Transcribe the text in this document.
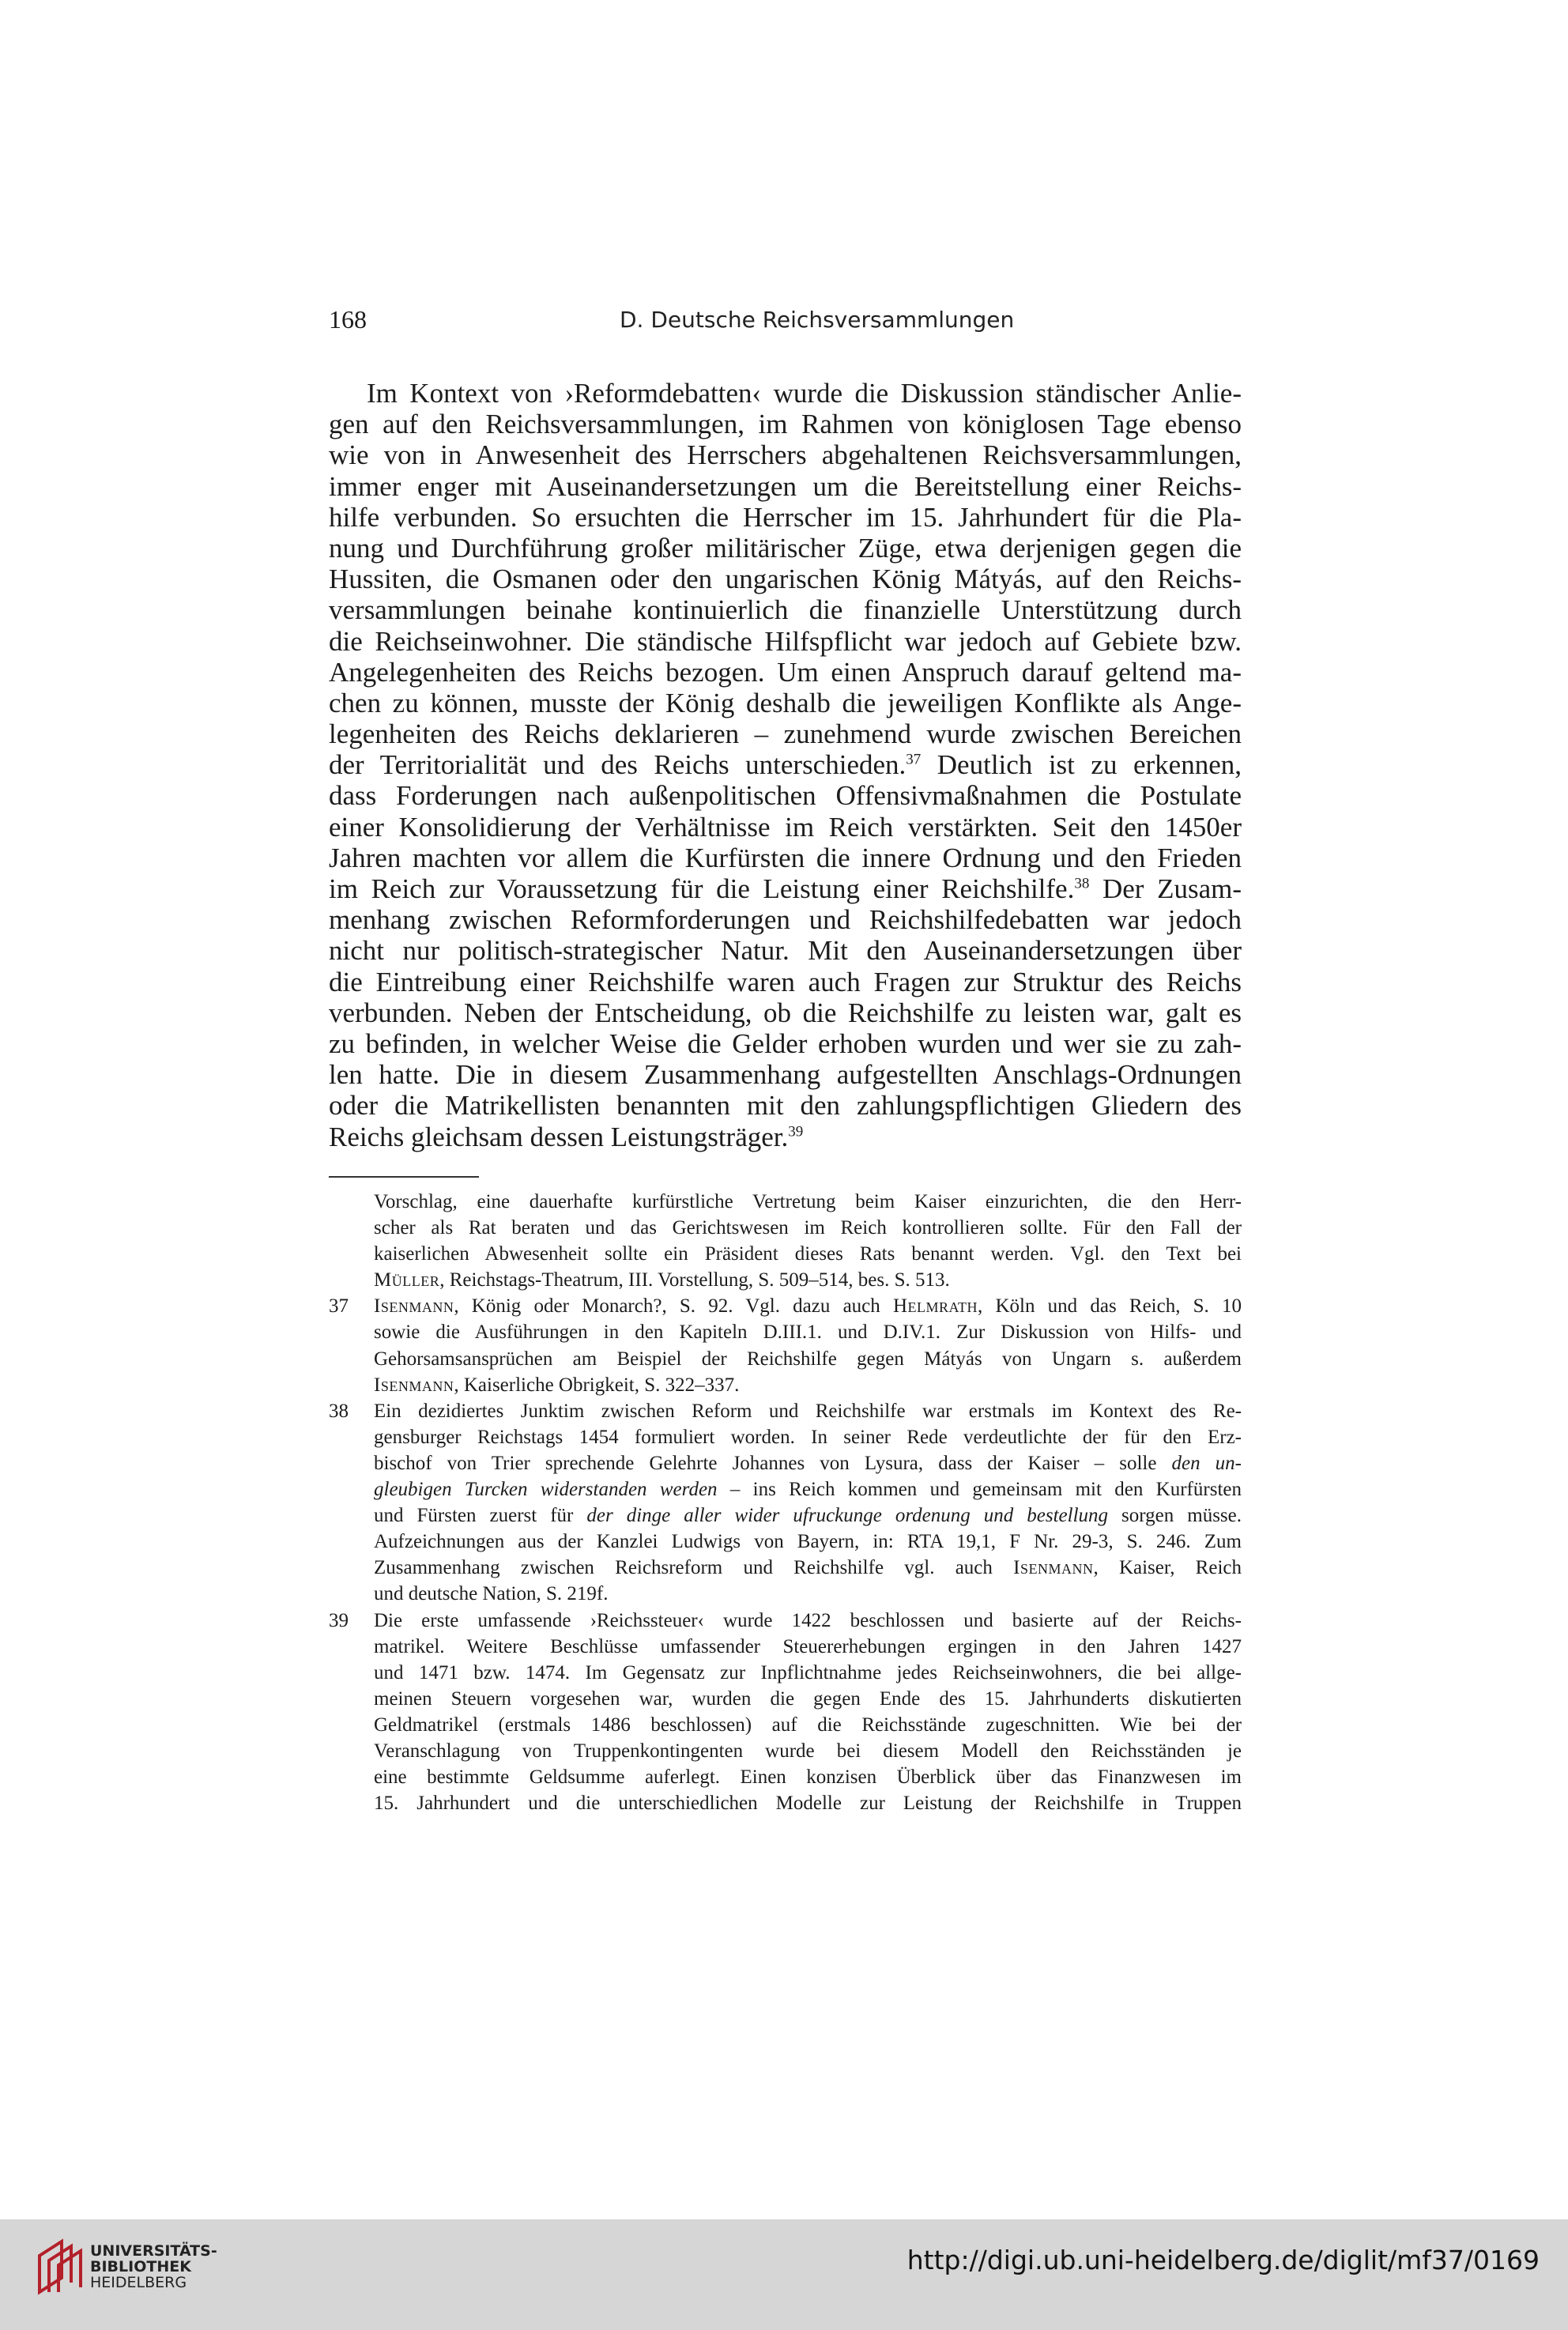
168	D. Deutsche Reichsversammlungen
Im Kontext von ›Reformdebatten‹ wurde die Diskussion ständischer Anlie-
gen auf den Reichsversammlungen, im Rahmen von königlosen Tage ebenso
wie von in Anwesenheit des Herrschers abgehaltenen Reichsversammlungen,
immer enger mit Auseinandersetzungen um die Bereitstellung einer Reichs-
hilfe verbunden. So ersuchten die Herrscher im 15. Jahrhundert für die Pla-
nung und Durchführung großer militärischer Züge, etwa derjenigen gegen die
Hussiten, die Osmanen oder den ungarischen König Mátyás, auf den Reichs-
versammlungen beinahe kontinuierlich die finanzielle Unterstützung durch
die Reichseinwohner. Die ständische Hilfspflicht war jedoch auf Gebiete bzw.
Angelegenheiten des Reichs bezogen. Um einen Anspruch darauf geltend ma-
chen zu können, musste der König deshalb die jeweiligen Konflikte als Ange-
legenheiten des Reichs deklarieren – zunehmend wurde zwischen Bereichen
der Territorialität und des Reichs unterschieden.$^{37}$ Deutlich ist zu erkennen,
dass Forderungen nach außenpolitischen Offensivmaßnahmen die Postulate
einer Konsolidierung der Verhältnisse im Reich verstärkten. Seit den 1450er
Jahren machten vor allem die Kurfürsten die innere Ordnung und den Frieden
im Reich zur Voraussetzung für die Leistung einer Reichshilfe.$^{38}$ Der Zusam-
menhang zwischen Reformforderungen und Reichshilfedebatten war jedoch
nicht nur politisch-strategischer Natur. Mit den Auseinandersetzungen über
die Eintreibung einer Reichshilfe waren auch Fragen zur Struktur des Reichs
verbunden. Neben der Entscheidung, ob die Reichshilfe zu leisten war, galt es
zu befinden, in welcher Weise die Gelder erhoben wurden und wer sie zu zah-
len hatte. Die in diesem Zusammenhang aufgestellten Anschlags-Ordnungen
oder die Matrikellisten benannten mit den zahlungspflichtigen Gliedern des
Reichs gleichsam dessen Leistungsträger.$^{39}$
Vorschlag, eine dauerhafte kurfürstliche Vertretung beim Kaiser einzurichten, die den Herr-
scher als Rat beraten und das Gerichtswesen im Reich kontrollieren sollte. Für den Fall der
kaiserlichen Abwesenheit sollte ein Präsident dieses Rats benannt werden. Vgl. den Text bei
Müller, Reichstags-Theatrum, III. Vorstellung, S. 509–514, bes. S. 513.
37 Isenmann, König oder Monarch?, S. 92. Vgl. dazu auch Helmrath, Köln und das Reich, S. 10
sowie die Ausführungen in den Kapiteln D.III.1. und D.IV.1. Zur Diskussion von Hilfs- und
Gehorsamsansprüchen am Beispiel der Reichshilfe gegen Mátyás von Ungarn s. außerdem
Isenmann, Kaiserliche Obrigkeit, S. 322–337.
38 Ein dezidiertes Junktim zwischen Reform und Reichshilfe war erstmals im Kontext des Re-
gensburger Reichstags 1454 formuliert worden. In seiner Rede verdeutlichte der für den Erz-
bischof von Trier sprechende Gelehrte Johannes von Lysura, dass der Kaiser – solle den un-
gleubigen Turcken widerstanden werden – ins Reich kommen und gemeinsam mit den Kurfürsten
und Fürsten zuerst für der dinge aller wider ufruckunge ordenung und bestellung sorgen müsse.
Aufzeichnungen aus der Kanzlei Ludwigs von Bayern, in: RTA 19,1, F Nr. 29-3, S. 246. Zum
Zusammenhang zwischen Reichsreform und Reichshilfe vgl. auch Isenmann, Kaiser, Reich
und deutsche Nation, S. 219f.
39 Die erste umfassende ›Reichssteuer‹ wurde 1422 beschlossen und basierte auf der Reichs-
matrikel. Weitere Beschlüsse umfassender Steuererhebungen ergingen in den Jahren 1427
und 1471 bzw. 1474. Im Gegensatz zur Inpflichtnahme jedes Reichseinwohners, die bei allge-
meinen Steuern vorgesehen war, wurden die gegen Ende des 15. Jahrhunderts diskutierten
Geldmatrikel (erstmals 1486 beschlossen) auf die Reichsstände zugeschnitten. Wie bei der
Veranschlagung von Truppenkontingenten wurde bei diesem Modell den Reichsständen je
eine bestimmte Geldsumme auferlegt. Einen konzisen Überblick über das Finanzwesen im
15. Jahrhundert und die unterschiedlichen Modelle zur Leistung der Reichshilfe in Truppen
UNIVERSITÄTS-
BIBLIOTHEK
HEIDELBERG
http://digi.ub.uni-heidelberg.de/diglit/mf37/0169
